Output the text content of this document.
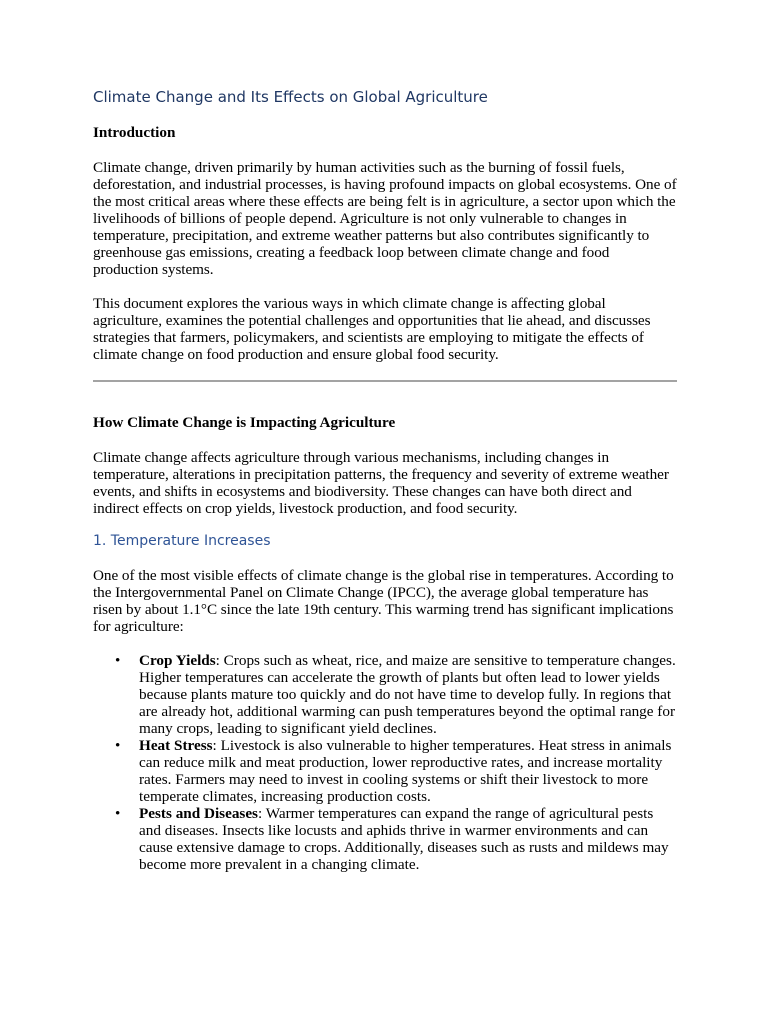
Climate Change and Its Effects on Global Agriculture
Introduction

Climate change, driven primarily by human activities such as the burning of fossil fuels, deforestation, and industrial processes, is having profound impacts on global ecosystems. One of the most critical areas where these effects are being felt is in agriculture, a sector upon which the livelihoods of billions of people depend. Agriculture is not only vulnerable to changes in temperature, precipitation, and extreme weather patterns but also contributes significantly to greenhouse gas emissions, creating a feedback loop between climate change and food production systems.

This document explores the various ways in which climate change is affecting global agriculture, examines the potential challenges and opportunities that lie ahead, and discusses strategies that farmers, policymakers, and scientists are employing to mitigate the effects of climate change on food production and ensure global food security.

How Climate Change is Impacting Agriculture

Climate change affects agriculture through various mechanisms, including changes in temperature, alterations in precipitation patterns, the frequency and severity of extreme weather events, and shifts in ecosystems and biodiversity. These changes can have both direct and indirect effects on crop yields, livestock production, and food security.

1. Temperature Increases

One of the most visible effects of climate change is the global rise in temperatures. According to the Intergovernmental Panel on Climate Change (IPCC), the average global temperature has risen by about 1.1°C since the late 19th century. This warming trend has significant implications for agriculture:

• Crop Yields: Crops such as wheat, rice, and maize are sensitive to temperature changes. Higher temperatures can accelerate the growth of plants but often lead to lower yields because plants mature too quickly and do not have time to develop fully. In regions that are already hot, additional warming can push temperatures beyond the optimal range for many crops, leading to significant yield declines.
• Heat Stress: Livestock is also vulnerable to higher temperatures. Heat stress in animals can reduce milk and meat production, lower reproductive rates, and increase mortality rates. Farmers may need to invest in cooling systems or shift their livestock to more temperate climates, increasing production costs.
• Pests and Diseases: Warmer temperatures can expand the range of agricultural pests and diseases. Insects like locusts and aphids thrive in warmer environments and can cause extensive damage to crops. Additionally, diseases such as rusts and mildews may become more prevalent in a changing climate.
